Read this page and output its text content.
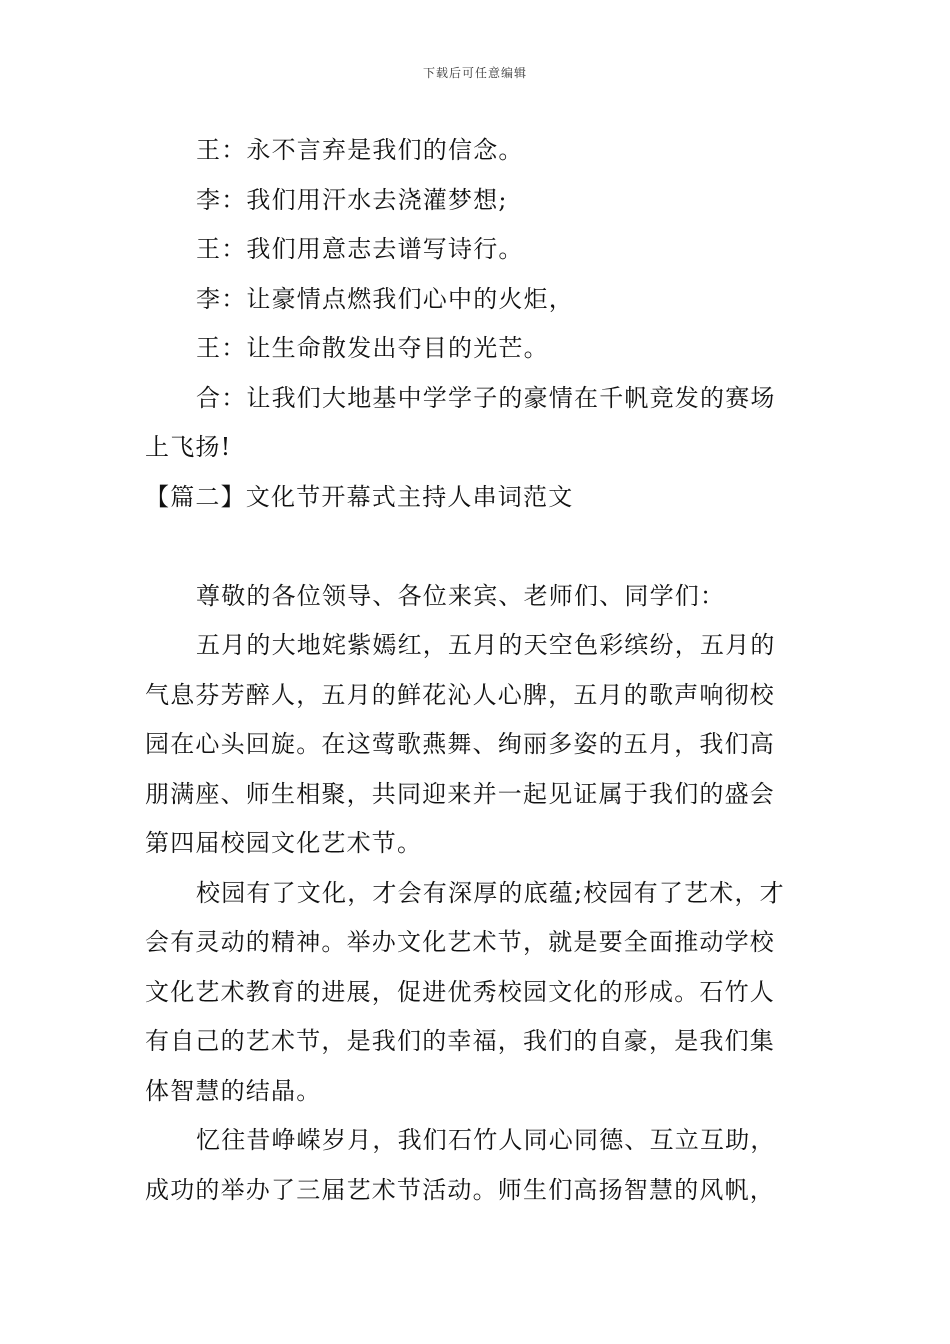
下载后可任意编辑
王：永不言弃是我们的信念。
李：我们用汗水去浇灌梦想;
王：我们用意志去谱写诗行。
李：让豪情点燃我们心中的火炬，
王：让生命散发出夺目的光芒。
合：让我们大地基中学学子的豪情在千帆竞发的赛场
上飞扬!
【篇二】文化节开幕式主持人串词范文
尊敬的各位领导、各位来宾、老师们、同学们：
五月的大地姹紫嫣红，五月的天空色彩缤纷，五月的
气息芬芳醉人，五月的鲜花沁人心脾，五月的歌声响彻校
园在心头回旋。在这莺歌燕舞、绚丽多姿的五月，我们高
朋满座、师生相聚，共同迎来并一起见证属于我们的盛会
第四届校园文化艺术节。
校园有了文化，才会有深厚的底蕴;校园有了艺术，才
会有灵动的精神。举办文化艺术节，就是要全面推动学校
文化艺术教育的进展，促进优秀校园文化的形成。石竹人
有自己的艺术节，是我们的幸福，我们的自豪，是我们集
体智慧的结晶。
忆往昔峥嵘岁月，我们石竹人同心同德、互立互助，
成功的举办了三届艺术节活动。师生们高扬智慧的风帆，
